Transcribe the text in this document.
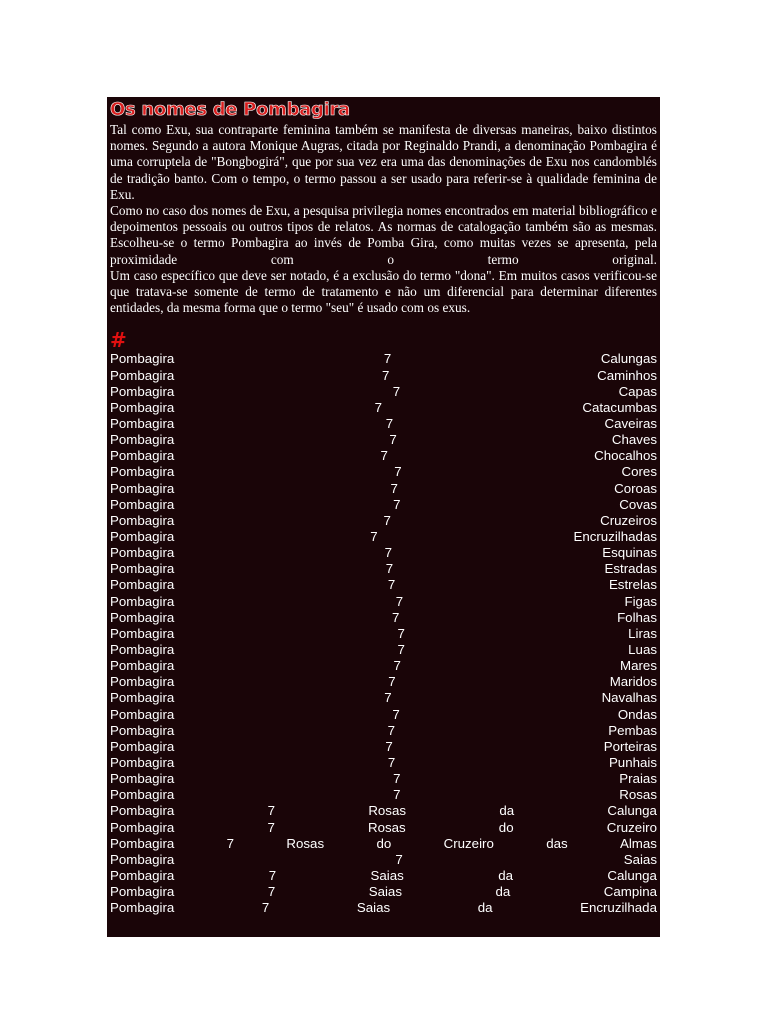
Os nomes de Pombagira

Tal como Exu, sua contraparte feminina também se manifesta de diversas maneiras, baixo distintos nomes. Segundo a autora Monique Augras, citada por Reginaldo Prandi, a denominação Pombagira é uma corruptela de "Bongbogirá", que por sua vez era uma das denominações de Exu nos candomblés de tradição banto. Com o tempo, o termo passou a ser usado para referir-se à qualidade feminina de Exu.

Como no caso dos nomes de Exu, a pesquisa privilegia nomes encontrados em material bibliográfico e depoimentos pessoais ou outros tipos de relatos. As normas de catalogação também são as mesmas.

Escolheu-se o termo Pombagira ao invés de Pomba Gira, como muitas vezes se apresenta, pela proximidade com o termo original.

Um caso específico que deve ser notado, é a exclusão do termo "dona". Em muitos casos verificou-se que tratava-se somente de termo de tratamento e não um diferencial para determinar diferentes entidades, da mesma forma que o termo "seu" é usado com os exus.

#
Pombagira	7	Calungas
Pombagira	7	Caminhos
Pombagira	7	Capas
Pombagira	7	Catacumbas
Pombagira	7	Caveiras
Pombagira	7	Chaves
Pombagira	7	Chocalhos
Pombagira	7	Cores
Pombagira	7	Coroas
Pombagira	7	Covas
Pombagira	7	Cruzeiros
Pombagira	7	Encruzilhadas
Pombagira	7	Esquinas
Pombagira	7	Estradas
Pombagira	7	Estrelas
Pombagira	7	Figas
Pombagira	7	Folhas
Pombagira	7	Liras
Pombagira	7	Luas
Pombagira	7	Mares
Pombagira	7	Maridos
Pombagira	7	Navalhas
Pombagira	7	Ondas
Pombagira	7	Pembas
Pombagira	7	Porteiras
Pombagira	7	Punhais
Pombagira	7	Praias
Pombagira	7	Rosas
Pombagira	7	Rosas	da	Calunga
Pombagira	7	Rosas	do	Cruzeiro
Pombagira	7	Rosas	do	Cruzeiro	das	Almas
Pombagira	7	Saias
Pombagira	7	Saias	da	Calunga
Pombagira	7	Saias	da	Campina
Pombagira	7	Saias	da	Encruzilhada
